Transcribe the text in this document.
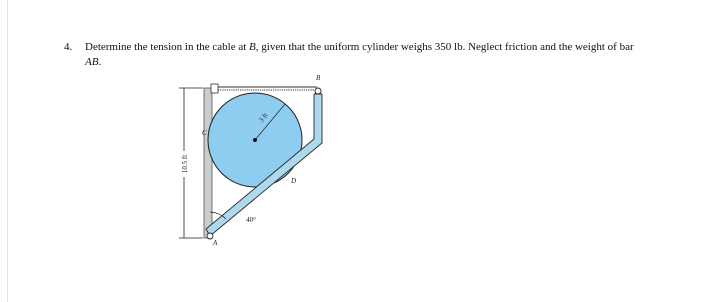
4. Determine the tension in the cable at B, given that the uniform cylinder weighs 350 lb. Neglect friction and the weight of bar
AB.
10.5 ft
3 ft
40°
A
B
C
D
